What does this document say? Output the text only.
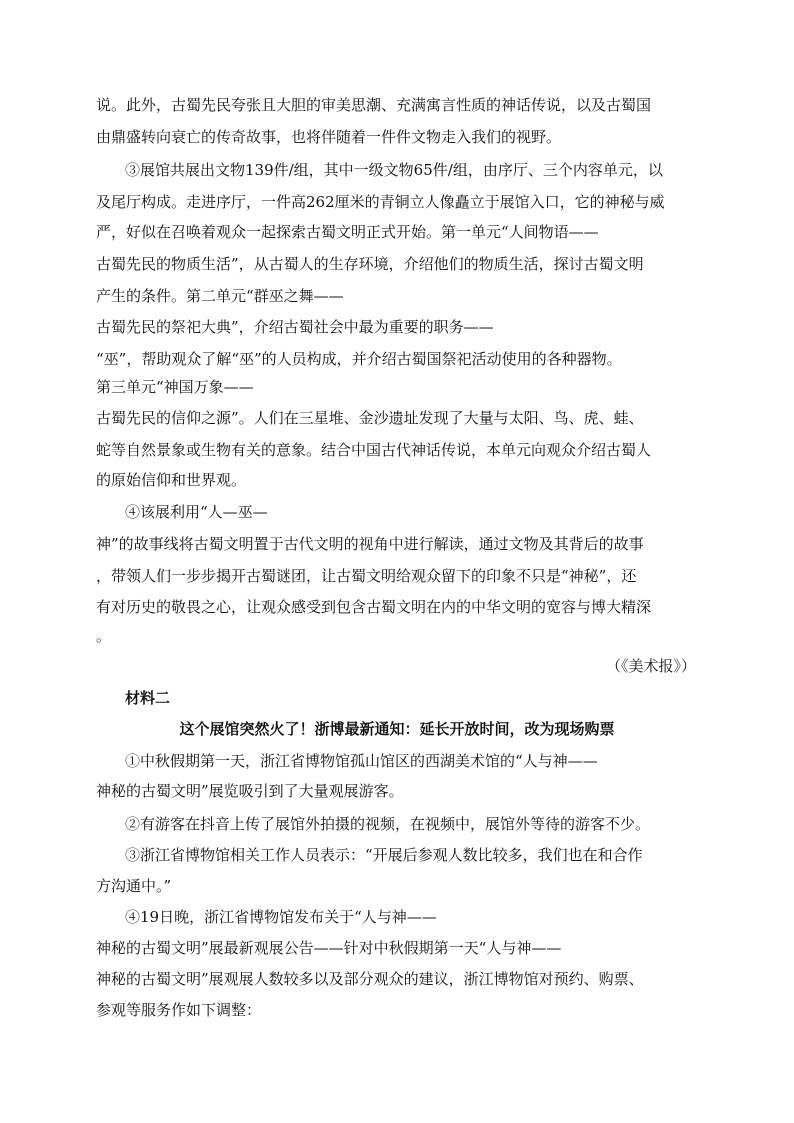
说。此外，古蜀先民夸张且大胆的审美思潮、充满寓言性质的神话传说，以及古蜀国
由鼎盛转向衰亡的传奇故事，也将伴随着一件件文物走入我们的视野。
③展馆共展出文物139件/组，其中一级文物65件/组，由序厅、三个内容单元，以
及尾厅构成。走进序厅，一件高262厘米的青铜立人像矗立于展馆入口，它的神秘与威
严，好似在召唤着观众一起探索古蜀文明正式开始。第一单元“人间物语——
古蜀先民的物质生活”，从古蜀人的生存环境，介绍他们的物质生活，探讨古蜀文明
产生的条件。第二单元“群巫之舞——
古蜀先民的祭祀大典”，介绍古蜀社会中最为重要的职务——
“巫”，帮助观众了解“巫”的人员构成，并介绍古蜀国祭祀活动使用的各种器物。
第三单元“神国万象——
古蜀先民的信仰之源”。人们在三星堆、金沙遗址发现了大量与太阳、鸟、虎、蛙、
蛇等自然景象或生物有关的意象。结合中国古代神话传说，本单元向观众介绍古蜀人
的原始信仰和世界观。
④该展利用“人—巫—
神”的故事线将古蜀文明置于古代文明的视角中进行解读，通过文物及其背后的故事
，带领人们一步步揭开古蜀谜团，让古蜀文明给观众留下的印象不只是“神秘”，还
有对历史的敬畏之心，让观众感受到包含古蜀文明在内的中华文明的宽容与博大精深
。
（《美术报》）
材料二
这个展馆突然火了！浙博最新通知：延长开放时间，改为现场购票
①中秋假期第一天，浙江省博物馆孤山馆区的西湖美术馆的“人与神——
神秘的古蜀文明”展览吸引到了大量观展游客。
②有游客在抖音上传了展馆外拍摄的视频，在视频中，展馆外等待的游客不少。
③浙江省博物馆相关工作人员表示：“开展后参观人数比较多，我们也在和合作
方沟通中。”
④19日晚，浙江省博物馆发布关于“人与神——
神秘的古蜀文明”展最新观展公告——针对中秋假期第一天“人与神——
神秘的古蜀文明”展观展人数较多以及部分观众的建议，浙江博物馆对预约、购票、
参观等服务作如下调整：
